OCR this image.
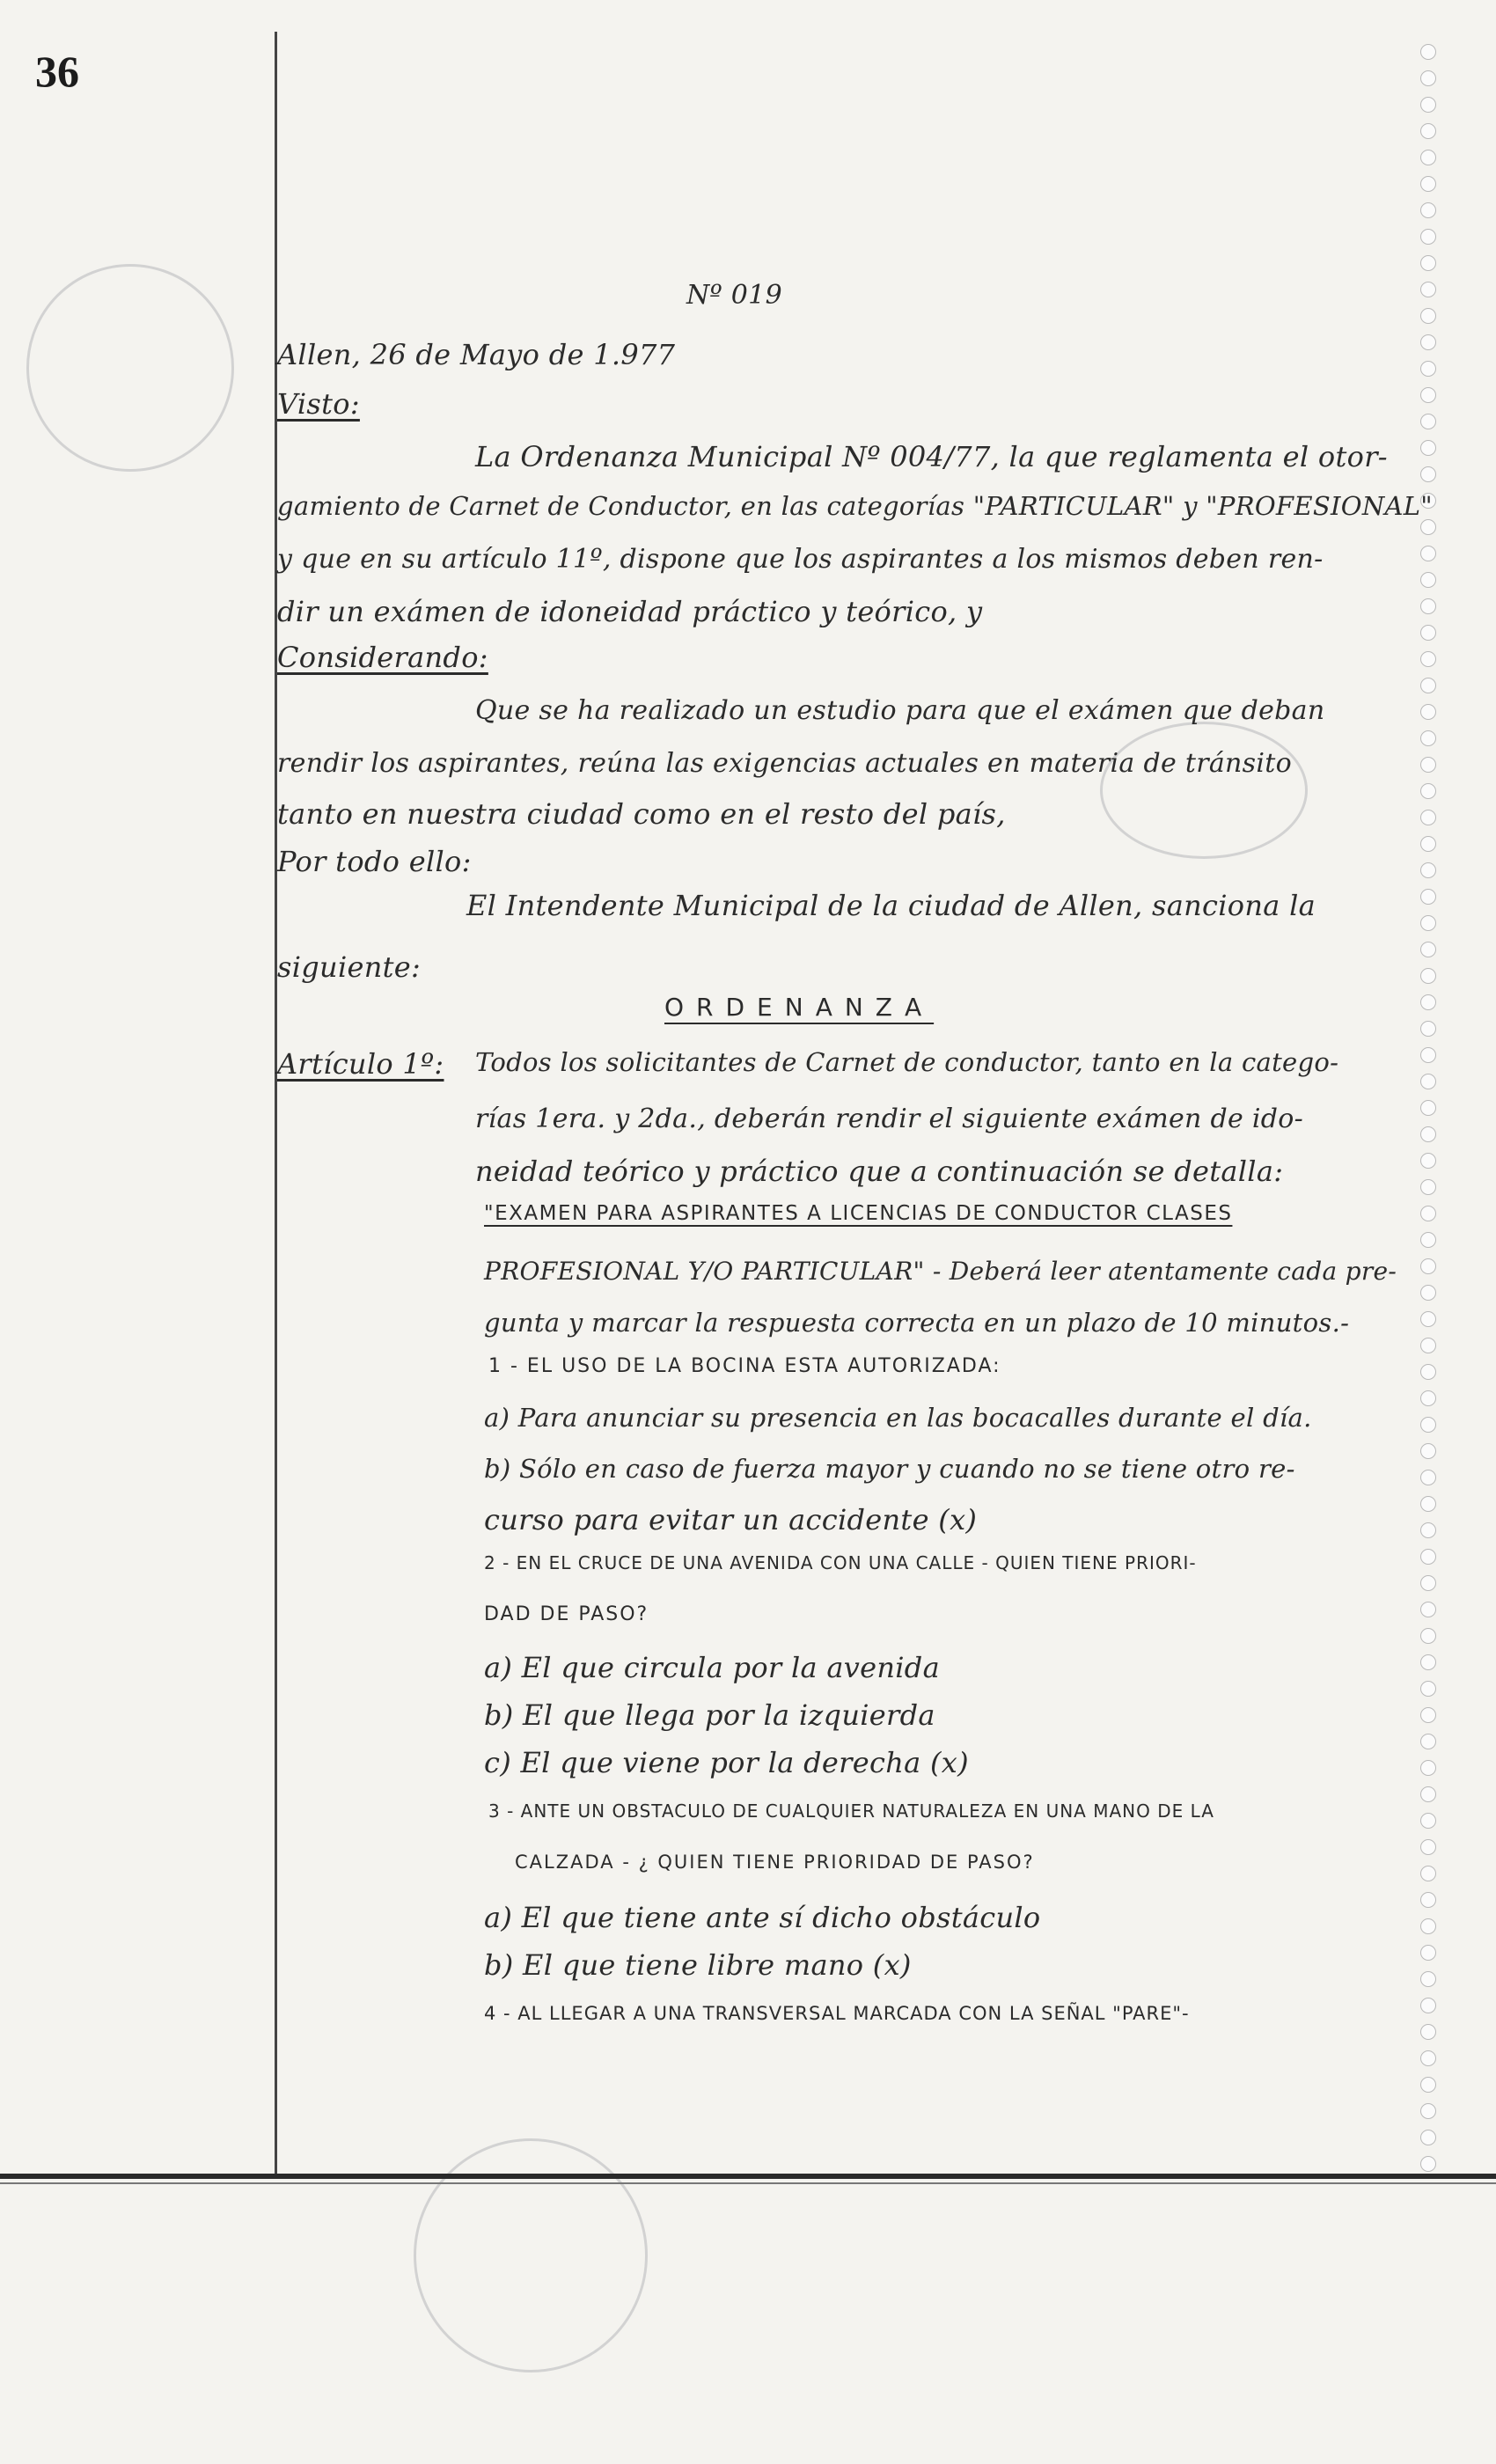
36
Nº 019
Allen, 26 de Mayo de 1.977
Visto:
La Ordenanza Municipal Nº 004/77, la que reglamenta el otor-
gamiento de Carnet de Conductor, en las categorías "PARTICULAR" y "PROFESIONAL"
y que en su artículo 11º, dispone que los aspirantes a los mismos deben ren-
dir un exámen de idoneidad práctico y teórico, y
Considerando:
Que se ha realizado un estudio para que el exámen que deban
rendir los aspirantes, reúna las exigencias actuales en materia de tránsito
tanto en nuestra ciudad como en el resto del país,
Por todo ello:
El Intendente Municipal de la ciudad de Allen, sanciona la
siguiente:
ORDENANZA
Artículo 1º: Todos los solicitantes de Carnet de conductor, tanto en la catego-
rías 1era. y 2da., deberán rendir el siguiente exámen de ido-
neidad teórico y práctico que a continuación se detalla:
"EXAMEN PARA ASPIRANTES A LICENCIAS DE CONDUCTOR CLASES
PROFESIONAL Y/O PARTICULAR" - Deberá leer atentamente cada pre-
gunta y marcar la respuesta correcta en un plazo de 10 minutos.-
1 - EL USO DE LA BOCINA ESTA AUTORIZADA:
a) Para anunciar su presencia en las bocacalles durante el día.
b) Sólo en caso de fuerza mayor y cuando no se tiene otro re-
curso para evitar un accidente (x)
2 - EN EL CRUCE DE UNA AVENIDA CON UNA CALLE - QUIEN TIENE PRIORI-
DAD DE PASO?
a) El que circula por la avenida
b) El que llega por la izquierda
c) El que viene por la derecha (x)
3 - ANTE UN OBSTACULO DE CUALQUIER NATURALEZA EN UNA MANO DE LA
CALZADA - ¿ QUIEN TIENE PRIORIDAD DE PASO?
a) El que tiene ante sí dicho obstáculo
b) El que tiene libre mano (x)
4 - AL LLEGAR A UNA TRANSVERSAL MARCADA CON LA SEÑAL "PARE"-
